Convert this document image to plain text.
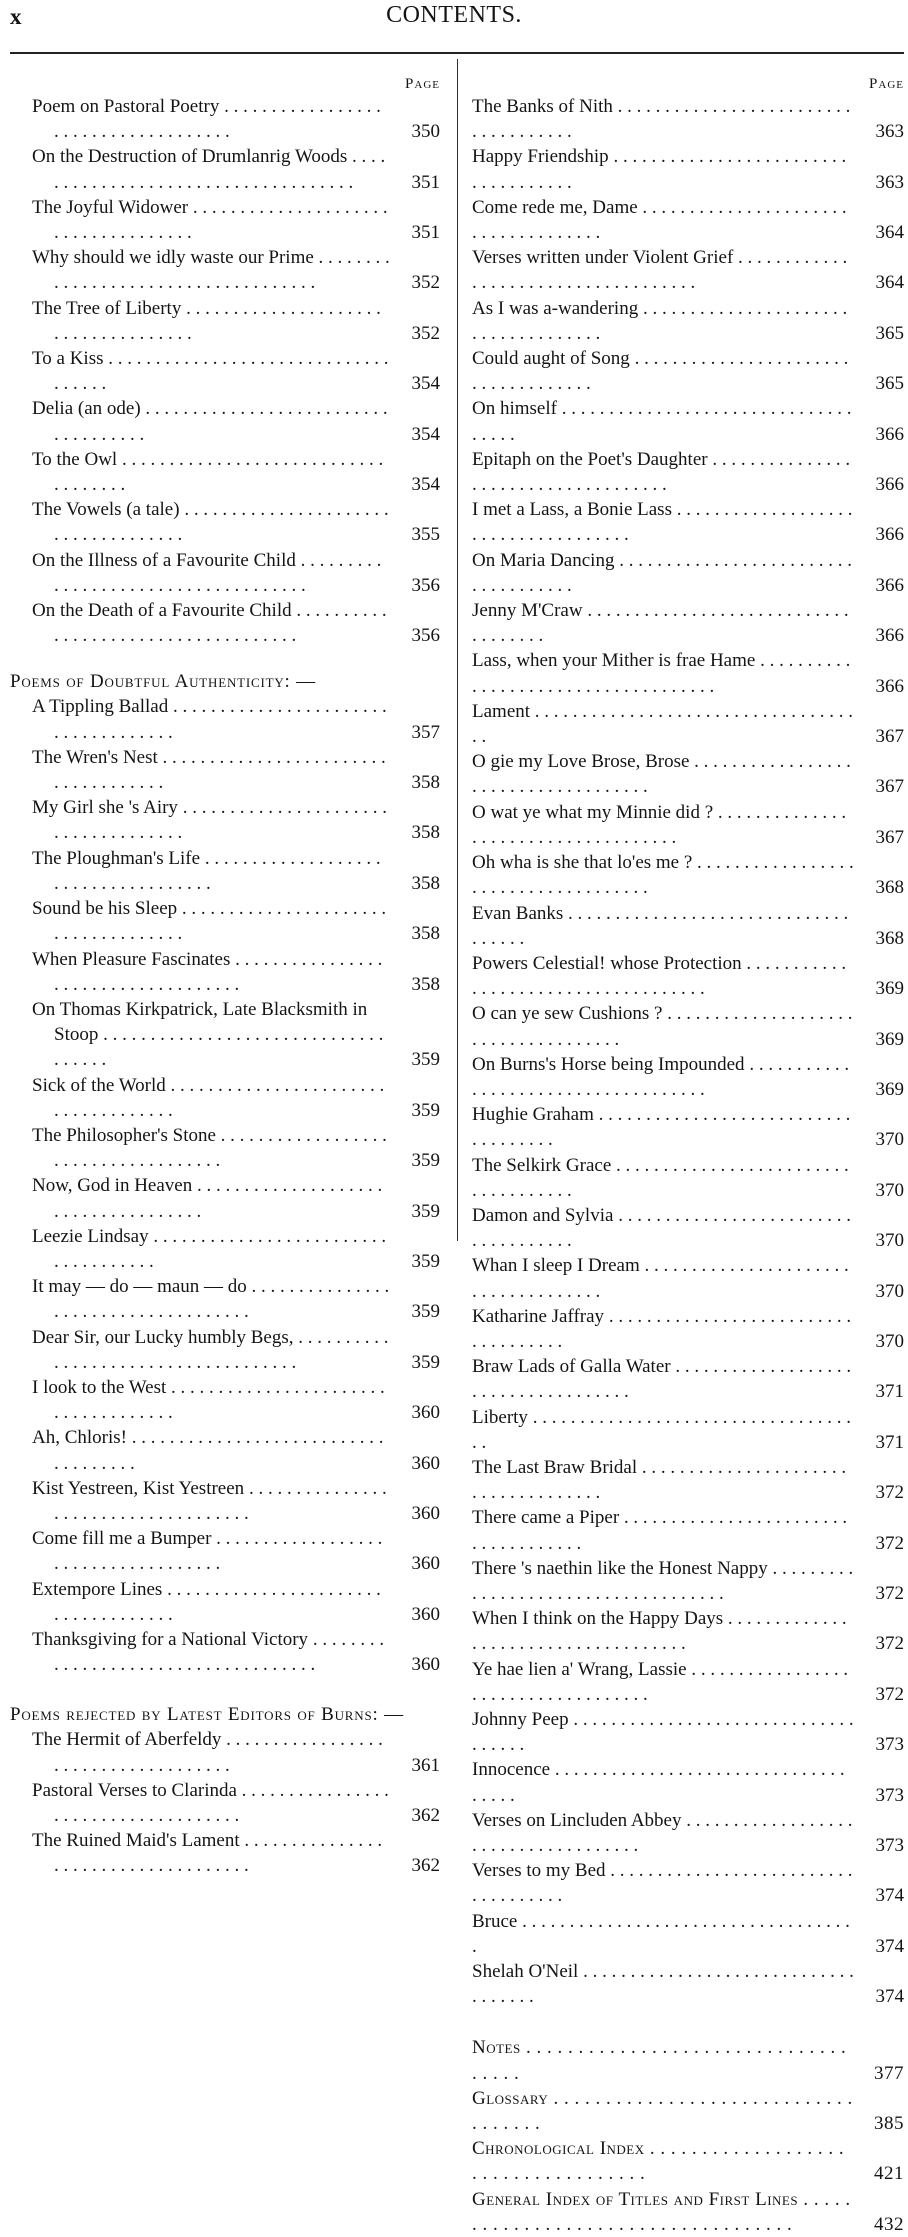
x	CONTENTS.
Page
Poem on Pastoral Poetry . . .
350
On the Destruction of Drumlanrig Woods . . .
351
The Joyful Widower . . .
351
Why should we idly waste our Prime . . .
352
The Tree of Liberty . . .
352
To a Kiss . . .
354
Delia (an ode) . . .
354
To the Owl . . .
354
The Vowels (a tale) . . .
355
On the Illness of a Favourite Child . . .
356
On the Death of a Favourite Child . . .
356
Poems of Doubtful Authenticity: —
A Tippling Ballad . . .
357
The Wren's Nest . . .
358
My Girl she 's Airy . . .
358
The Ploughman's Life . . .
358
Sound be his Sleep . . .
358
When Pleasure Fascinates . . .
358
On Thomas Kirkpatrick, Late Blacksmith in Stoop . . .
359
Sick of the World . . .
359
The Philosopher's Stone . . .
359
Now, God in Heaven . . .
359
Leezie Lindsay . . .
359
It may — do — maun — do . . .
359
Dear Sir, our Lucky humbly Begs, . . .
359
I look to the West . . .
360
Ah, Chloris! . . .
360
Kist Yestreen, Kist Yestreen . . .
360
Come fill me a Bumper . . .
360
Extempore Lines . . .
360
Thanksgiving for a National Victory . . .
360
Poems rejected by Latest Editors of Burns: —
The Hermit of Aberfeldy . . .
361
Pastoral Verses to Clarinda . . .
362
The Ruined Maid's Lament . . .
362
Page
The Banks of Nith . . .
363
Happy Friendship . . .
363
Come rede me, Dame . . .
364
Verses written under Violent Grief . . .
364
As I was a-wandering . . .
365
Could aught of Song . . .
365
On himself . . .
366
Epitaph on the Poet's Daughter . . .
366
I met a Lass, a Bonie Lass . . .
366
On Maria Dancing . . .
366
Jenny M'Craw . . .
366
Lass, when your Mither is frae Hame . . .
366
Lament . . .
367
O gie my Love Brose, Brose . . .
367
O wat ye what my Minnie did ? . . .
367
Oh wha is she that lo'es me ? . . .
368
Evan Banks . . .
368
Powers Celestial! whose Protection . . .
369
O can ye sew Cushions ? . . .
369
On Burns's Horse being Impounded . . .
369
Hughie Graham . . .
370
The Selkirk Grace . . .
370
Damon and Sylvia . . .
370
Whan I sleep I Dream . . .
370
Katharine Jaffray . . .
370
Braw Lads of Galla Water . . .
371
Liberty . . .
371
The Last Braw Bridal . . .
372
There came a Piper . . .
372
There 's naethin like the Honest Nappy . . .
372
When I think on the Happy Days . . .
372
Ye hae lien a' Wrang, Lassie . . .
372
Johnny Peep . . .
373
Innocence . . .
373
Verses on Lincluden Abbey . . .
373
Verses to my Bed . . .
374
Bruce . . .
374
Shelah O'Neil . . .
374
Notes . . .
377
Glossary . . .
385
Chronological Index . . .
421
General Index of Titles and First Lines . . .
432
